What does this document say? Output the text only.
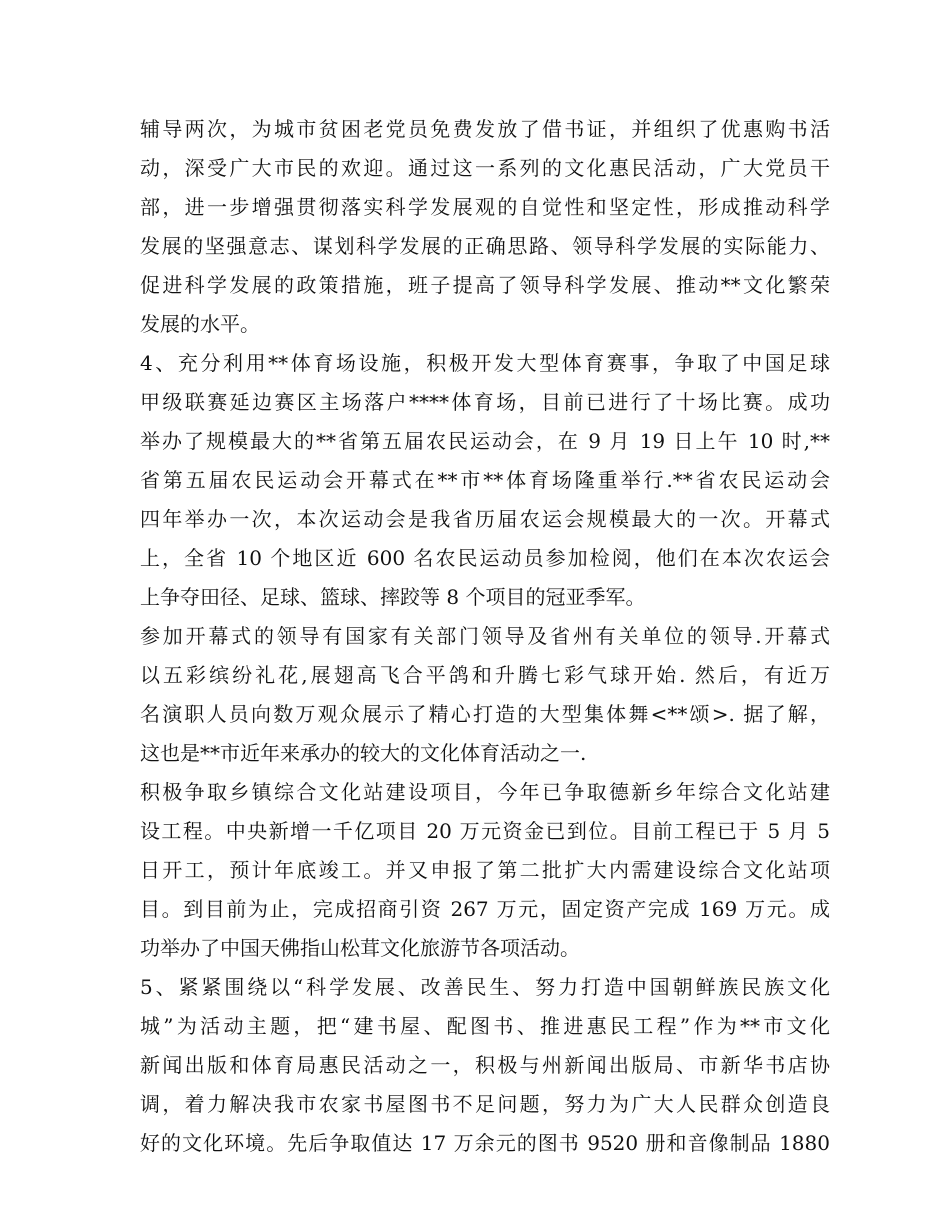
辅导两次，为城市贫困老党员免费发放了借书证，并组织了优惠购书活
动，深受广大市民的欢迎。通过这一系列的文化惠民活动，广大党员干
部，进一步增强贯彻落实科学发展观的自觉性和坚定性，形成推动科学
发展的坚强意志、谋划科学发展的正确思路、领导科学发展的实际能力、
促进科学发展的政策措施，班子提高了领导科学发展、推动**文化繁荣
发展的水平。
4、充分利用**体育场设施，积极开发大型体育赛事，争取了中国足球
甲级联赛延边赛区主场落户****体育场，目前已进行了十场比赛。成功
举办了规模最大的**省第五届农民运动会，在 9 月 19 日上午 10 时,**
省第五届农民运动会开幕式在**市**体育场隆重举行.**省农民运动会
四年举办一次，本次运动会是我省历届农运会规模最大的一次。开幕式
上，全省 10 个地区近 600 名农民运动员参加检阅，他们在本次农运会
上争夺田径、足球、篮球、摔跤等 8 个项目的冠亚季军。
参加开幕式的领导有国家有关部门领导及省州有关单位的领导.开幕式
以五彩缤纷礼花,展翅高飞合平鸽和升腾七彩气球开始. 然后，有近万
名演职人员向数万观众展示了精心打造的大型集体舞<**颂>. 据了解，
这也是**市近年来承办的较大的文化体育活动之一.
积极争取乡镇综合文化站建设项目，今年已争取德新乡年综合文化站建
设工程。中央新增一千亿项目 20 万元资金已到位。目前工程已于 5 月 5
日开工，预计年底竣工。并又申报了第二批扩大内需建设综合文化站项
目。到目前为止，完成招商引资 267 万元，固定资产完成 169 万元。成
功举办了中国天佛指山松茸文化旅游节各项活动。
5、紧紧围绕以“科学发展、改善民生、努力打造中国朝鲜族民族文化
城”为活动主题，把“建书屋、配图书、推进惠民工程”作为**市文化
新闻出版和体育局惠民活动之一，积极与州新闻出版局、市新华书店协
调，着力解决我市农家书屋图书不足问题，努力为广大人民群众创造良
好的文化环境。先后争取值达 17 万余元的图书 9520 册和音像制品 1880
